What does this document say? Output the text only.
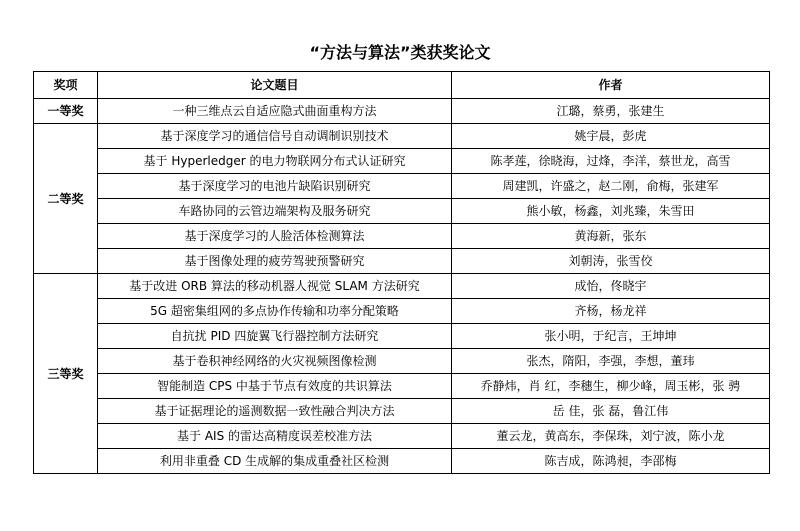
“方法与算法”类获奖论文
奖项	论文题目	作者
一等奖	一种三维点云自适应隐式曲面重构方法	江璐，蔡勇，张建生
二等奖	基于深度学习的通信信号自动调制识别技术	姚宇晨，彭虎
	基于 Hyperledger 的电力物联网分布式认证研究	陈孝莲，徐晓海，过烽，李洋，蔡世龙，高雪
	基于深度学习的电池片缺陷识别研究	周建凯，许盛之，赵二刚，俞梅，张建军
	车路协同的云管边端架构及服务研究	熊小敏，杨鑫，刘兆臻，朱雪田
	基于深度学习的人脸活体检测算法	黄海新，张东
	基于图像处理的疲劳驾驶预警研究	刘朝涛，张雪佼
三等奖	基于改进 ORB 算法的移动机器人视觉 SLAM 方法研究	成怡，佟晓宇
	5G 超密集组网的多点协作传输和功率分配策略	齐杨，杨龙祥
	自抗扰 PID 四旋翼飞行器控制方法研究	张小明，于纪言，王坤坤
	基于卷积神经网络的火灾视频图像检测	张杰，隋阳，李强，李想，董玮
	智能制造 CPS 中基于节点有效度的共识算法	乔静炜，肖 红，李穗生，柳少峰，周玉彬，张 骋
	基于证据理论的遥测数据一致性融合判决方法	岳 佳，张 磊，鲁江伟
	基于 AIS 的雷达高精度误差校准方法	董云龙，黄高东，李保珠，刘宁波，陈小龙
	利用非重叠 CD 生成解的集成重叠社区检测	陈吉成，陈鸿昶，李邵梅
